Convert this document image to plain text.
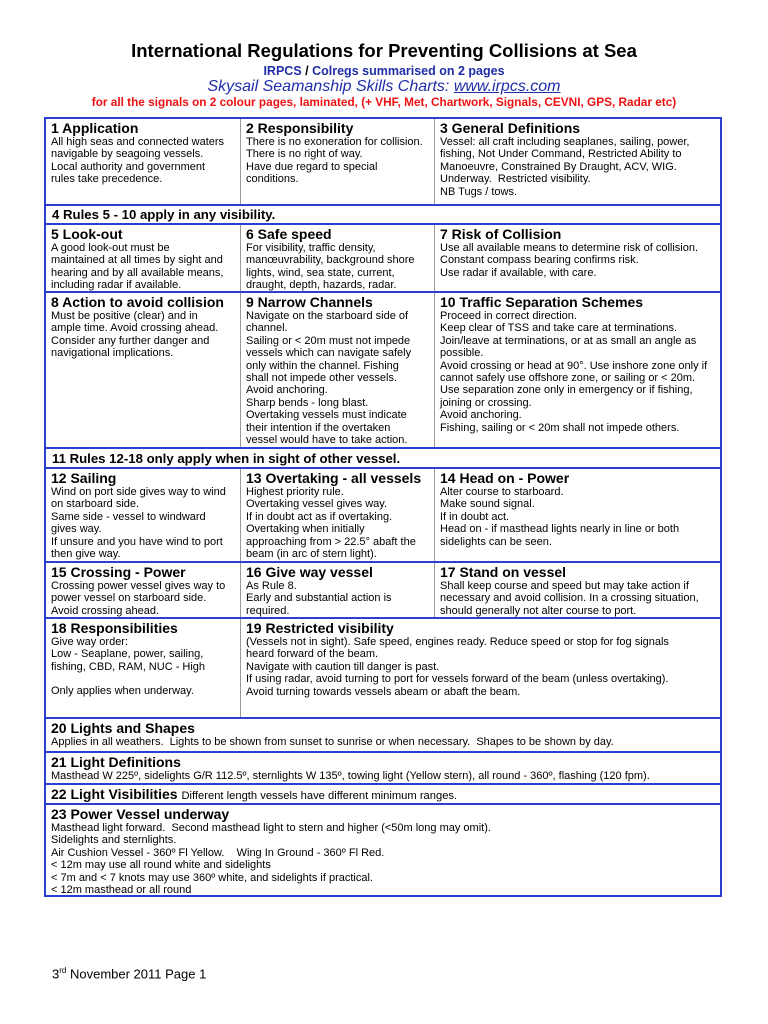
International Regulations for Preventing Collisions at Sea
IRPCS / Colregs summarised on 2 pages
Skysail Seamanship Skills Charts: www.irpcs.com
for all the signals on 2 colour pages, laminated, (+ VHF, Met, Chartwork, Signals, CEVNI, GPS, Radar etc)
1 Application
All high seas and connected waters
navigable by seagoing vessels.
Local authority and government
rules take precedence.
2 Responsibility
There is no exoneration for collision.
There is no right of way.
Have due regard to special
conditions.
3 General Definitions
Vessel: all craft including seaplanes, sailing, power,
fishing, Not Under Command, Restricted Ability to
Manoeuvre, Constrained By Draught, ACV, WIG.
Underway.  Restricted visibility.
NB Tugs / tows.
4 Rules 5 - 10 apply in any visibility.
5 Look-out
A good look-out must be
maintained at all times by sight and
hearing and by all available means,
including radar if available.
6 Safe speed
For visibility, traffic density,
manœuvrability, background shore
lights, wind, sea state, current,
draught, depth, hazards, radar.
7 Risk of Collision
Use all available means to determine risk of collision.
Constant compass bearing confirms risk.
Use radar if available, with care.
8 Action to avoid collision
Must be positive (clear) and in
ample time. Avoid crossing ahead.
Consider any further danger and
navigational implications.
9 Narrow Channels
Navigate on the starboard side of
channel.
Sailing or < 20m must not impede
vessels which can navigate safely
only within the channel. Fishing
shall not impede other vessels.
Avoid anchoring.
Sharp bends - long blast.
Overtaking vessels must indicate
their intention if the overtaken
vessel would have to take action.
10 Traffic Separation Schemes
Proceed in correct direction.
Keep clear of TSS and take care at terminations.
Join/leave at terminations, or at as small an angle as
possible.
Avoid crossing or head at 90°. Use inshore zone only if
cannot safely use offshore zone, or sailing or < 20m.
Use separation zone only in emergency or if fishing,
joining or crossing.
Avoid anchoring.
Fishing, sailing or < 20m shall not impede others.
11 Rules 12-18 only apply when in sight of other vessel.
12 Sailing
Wind on port side gives way to wind
on starboard side.
Same side - vessel to windward
gives way.
If unsure and you have wind to port
then give way.
13 Overtaking - all vessels
Highest priority rule.
Overtaking vessel gives way.
If in doubt act as if overtaking.
Overtaking when initially
approaching from > 22.5° abaft the
beam (in arc of stern light).
14 Head on - Power
Alter course to starboard.
Make sound signal.
If in doubt act.
Head on - if masthead lights nearly in line or both
sidelights can be seen.
15 Crossing - Power
Crossing power vessel gives way to
power vessel on starboard side.
Avoid crossing ahead.
16 Give way vessel
As Rule 8.
Early and substantial action is
required.
17 Stand on vessel
Shall keep course and speed but may take action if
necessary and avoid collision. In a crossing situation,
should generally not alter course to port.
18 Responsibilities
Give way order:
Low - Seaplane, power, sailing,
fishing, CBD, RAM, NUC - High
Only applies when underway.
19 Restricted visibility
(Vessels not in sight). Safe speed, engines ready. Reduce speed or stop for fog signals
heard forward of the beam.
Navigate with caution till danger is past.
If using radar, avoid turning to port for vessels forward of the beam (unless overtaking).
Avoid turning towards vessels abeam or abaft the beam.
20 Lights and Shapes
Applies in all weathers.  Lights to be shown from sunset to sunrise or when necessary.  Shapes to be shown by day.
21 Light Definitions
Masthead W 225º, sidelights G/R 112.5º, sternlights W 135º, towing light (Yellow stern), all round - 360º, flashing (120 fpm).
22 Light Visibilities Different length vessels have different minimum ranges.
23 Power Vessel underway
Masthead light forward.  Second masthead light to stern and higher (<50m long may omit).
Sidelights and sternlights.
Air Cushion Vessel - 360º Fl Yellow.    Wing In Ground - 360º Fl Red.
< 12m may use all round white and sidelights
< 7m and < 7 knots may use 360º white, and sidelights if practical.
< 12m masthead or all round
3rd November 2011 Page 1
